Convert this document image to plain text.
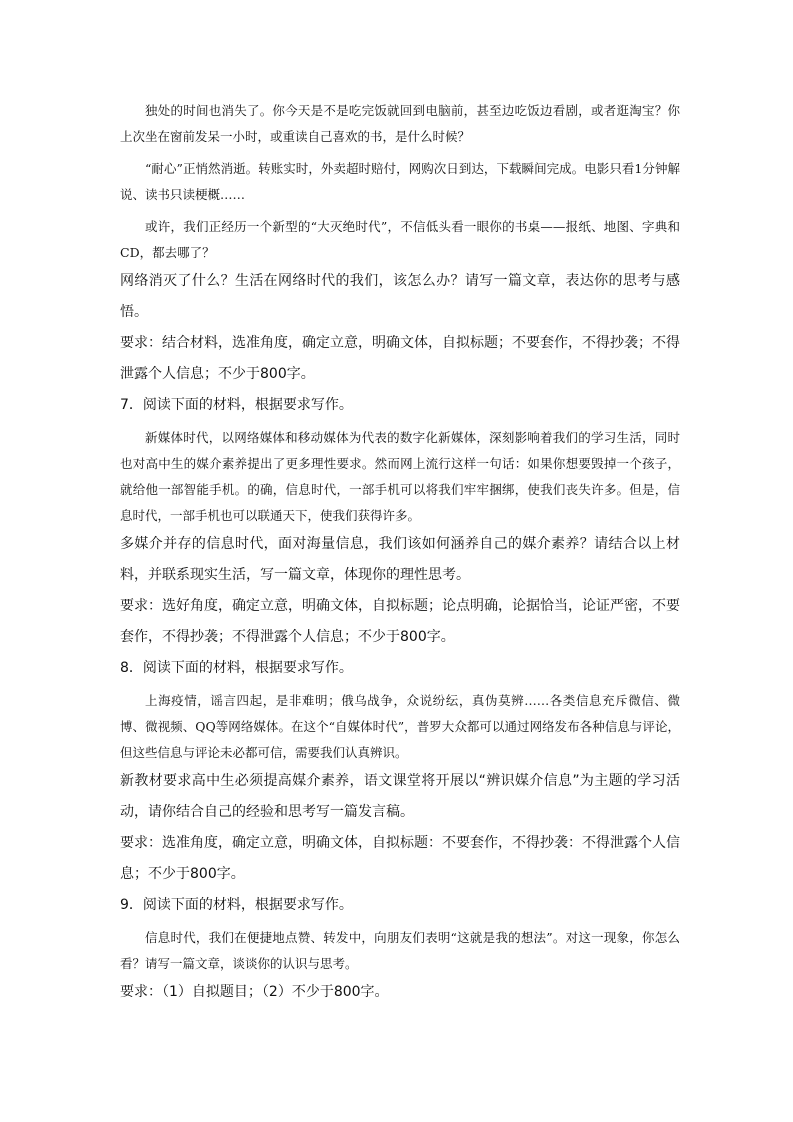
独处的时间也消失了。你今天是不是吃完饭就回到电脑前，甚至边吃饭边看剧，或者逛淘宝？你上次坐在窗前发呆一小时，或重读自己喜欢的书，是什么时候？

“耐心”正悄然消逝。转账实时，外卖超时赔付，网购次日到达，下载瞬间完成。电影只看1分钟解说、读书只读梗概……

或许，我们正经历一个新型的“大灭绝时代”，不信低头看一眼你的书桌——报纸、地图、字典和CD，都去哪了？

网络消灭了什么？生活在网络时代的我们，该怎么办？请写一篇文章，表达你的思考与感悟。

要求：结合材料，选准角度，确定立意，明确文体，自拟标题；不要套作，不得抄袭；不得泄露个人信息；不少于800字。

7．阅读下面的材料，根据要求写作。

新媒体时代，以网络媒体和移动媒体为代表的数字化新媒体，深刻影响着我们的学习生活，同时也对高中生的媒介素养提出了更多理性要求。然而网上流行这样一句话：如果你想要毁掉一个孩子，就给他一部智能手机。的确，信息时代，一部手机可以将我们牢牢捆绑，使我们丧失许多。但是，信息时代，一部手机也可以联通天下，使我们获得许多。

多媒介并存的信息时代，面对海量信息，我们该如何涵养自己的媒介素养？请结合以上材料，并联系现实生活，写一篇文章，体现你的理性思考。

要求：选好角度，确定立意，明确文体，自拟标题；论点明确，论据恰当，论证严密，不要套作，不得抄袭；不得泄露个人信息；不少于800字。

8．阅读下面的材料，根据要求写作。

上海疫情，谣言四起，是非难明；俄乌战争，众说纷纭，真伪莫辨……各类信息充斥微信、微博、微视频、QQ等网络媒体。在这个“自媒体时代”，普罗大众都可以通过网络发布各种信息与评论，但这些信息与评论未必都可信，需要我们认真辨识。

新教材要求高中生必须提高媒介素养，语文课堂将开展以“辨识媒介信息”为主题的学习活动，请你结合自己的经验和思考写一篇发言稿。

要求：选准角度，确定立意，明确文体，自拟标题：不要套作，不得抄袭：不得泄露个人信息；不少于800字。

9．阅读下面的材料，根据要求写作。

信息时代，我们在便捷地点赞、转发中，向朋友们表明“这就是我的想法”。对这一现象，你怎么看？请写一篇文章，谈谈你的认识与思考。

要求：（1）自拟题目；（2）不少于800字。
